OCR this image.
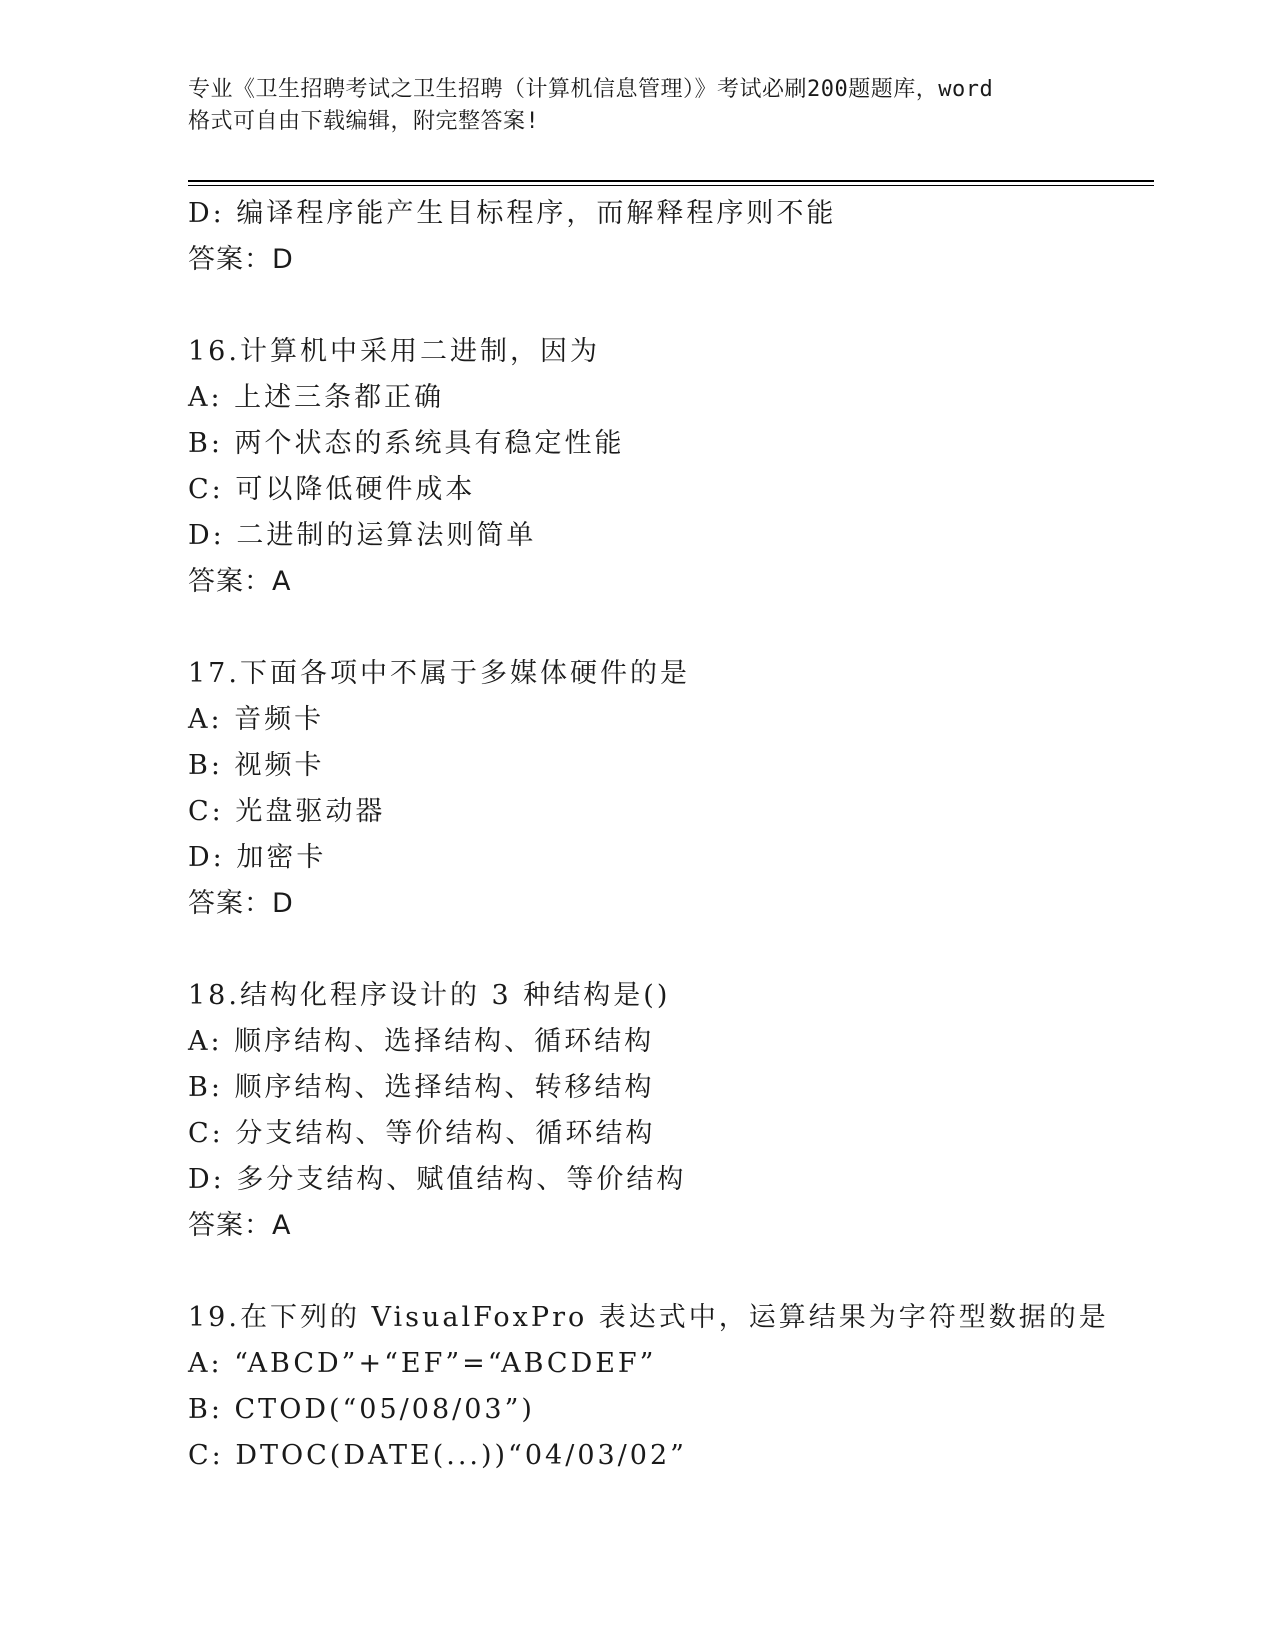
专业《卫生招聘考试之卫生招聘（计算机信息管理）》考试必刷200题题库，word
格式可自由下载编辑，附完整答案!
D: 编译程序能产生目标程序，而解释程序则不能
答案：D
16.计算机中采用二进制，因为
A: 上述三条都正确
B: 两个状态的系统具有稳定性能
C: 可以降低硬件成本
D: 二进制的运算法则简单
答案：A
17.下面各项中不属于多媒体硬件的是
A: 音频卡
B: 视频卡
C: 光盘驱动器
D: 加密卡
答案：D
18.结构化程序设计的 3 种结构是()
A: 顺序结构、选择结构、循环结构
B: 顺序结构、选择结构、转移结构
C: 分支结构、等价结构、循环结构
D: 多分支结构、赋值结构、等价结构
答案：A
19.在下列的 VisualFoxPro 表达式中，运算结果为字符型数据的是
A: “ABCD”+“EF”=“ABCDEF”
B: CTOD(“05/08/03”)
C: DTOC(DATE(...))“04/03/02”
